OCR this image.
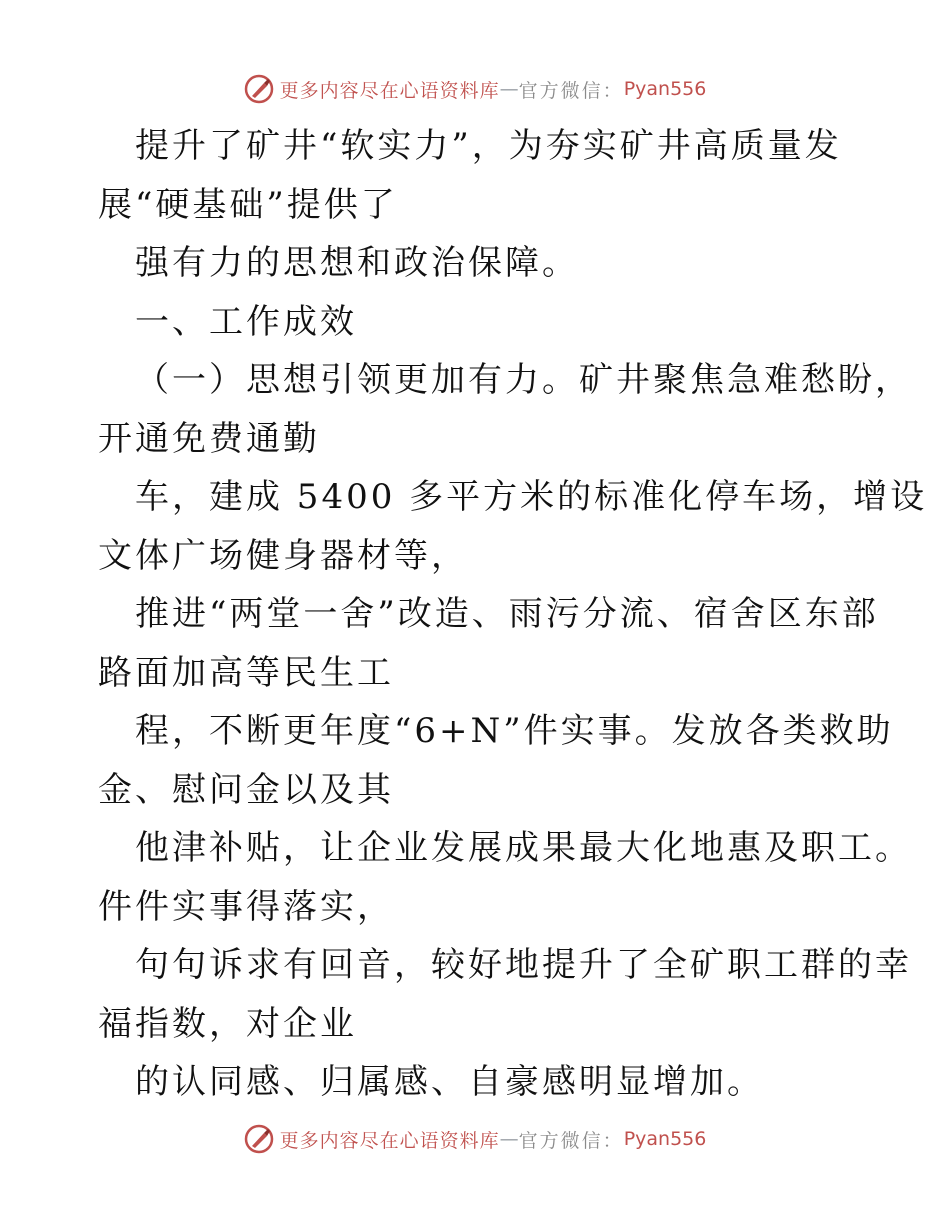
更多内容尽在心语资料库 — 官方微信： Pyan556
提升了矿井“软实力”，为夯实矿井高质量发
展“硬基础”提供了
强有力的思想和政治保障。
一、工作成效
（一）思想引领更加有力。矿井聚焦急难愁盼，
开通免费通勤
车，建成 5400 多平方米的标准化停车场，增设
文体广场健身器材等，
推进“两堂一舍”改造、雨污分流、宿舍区东部
路面加高等民生工
程，不断更年度“6+N”件实事。发放各类救助
金、慰问金以及其
他津补贴，让企业发展成果最大化地惠及职工。
件件实事得落实，
句句诉求有回音，较好地提升了全矿职工群的幸
福指数，对企业
的认同感、归属感、自豪感明显增加。
更多内容尽在心语资料库 — 官方微信： Pyan556
